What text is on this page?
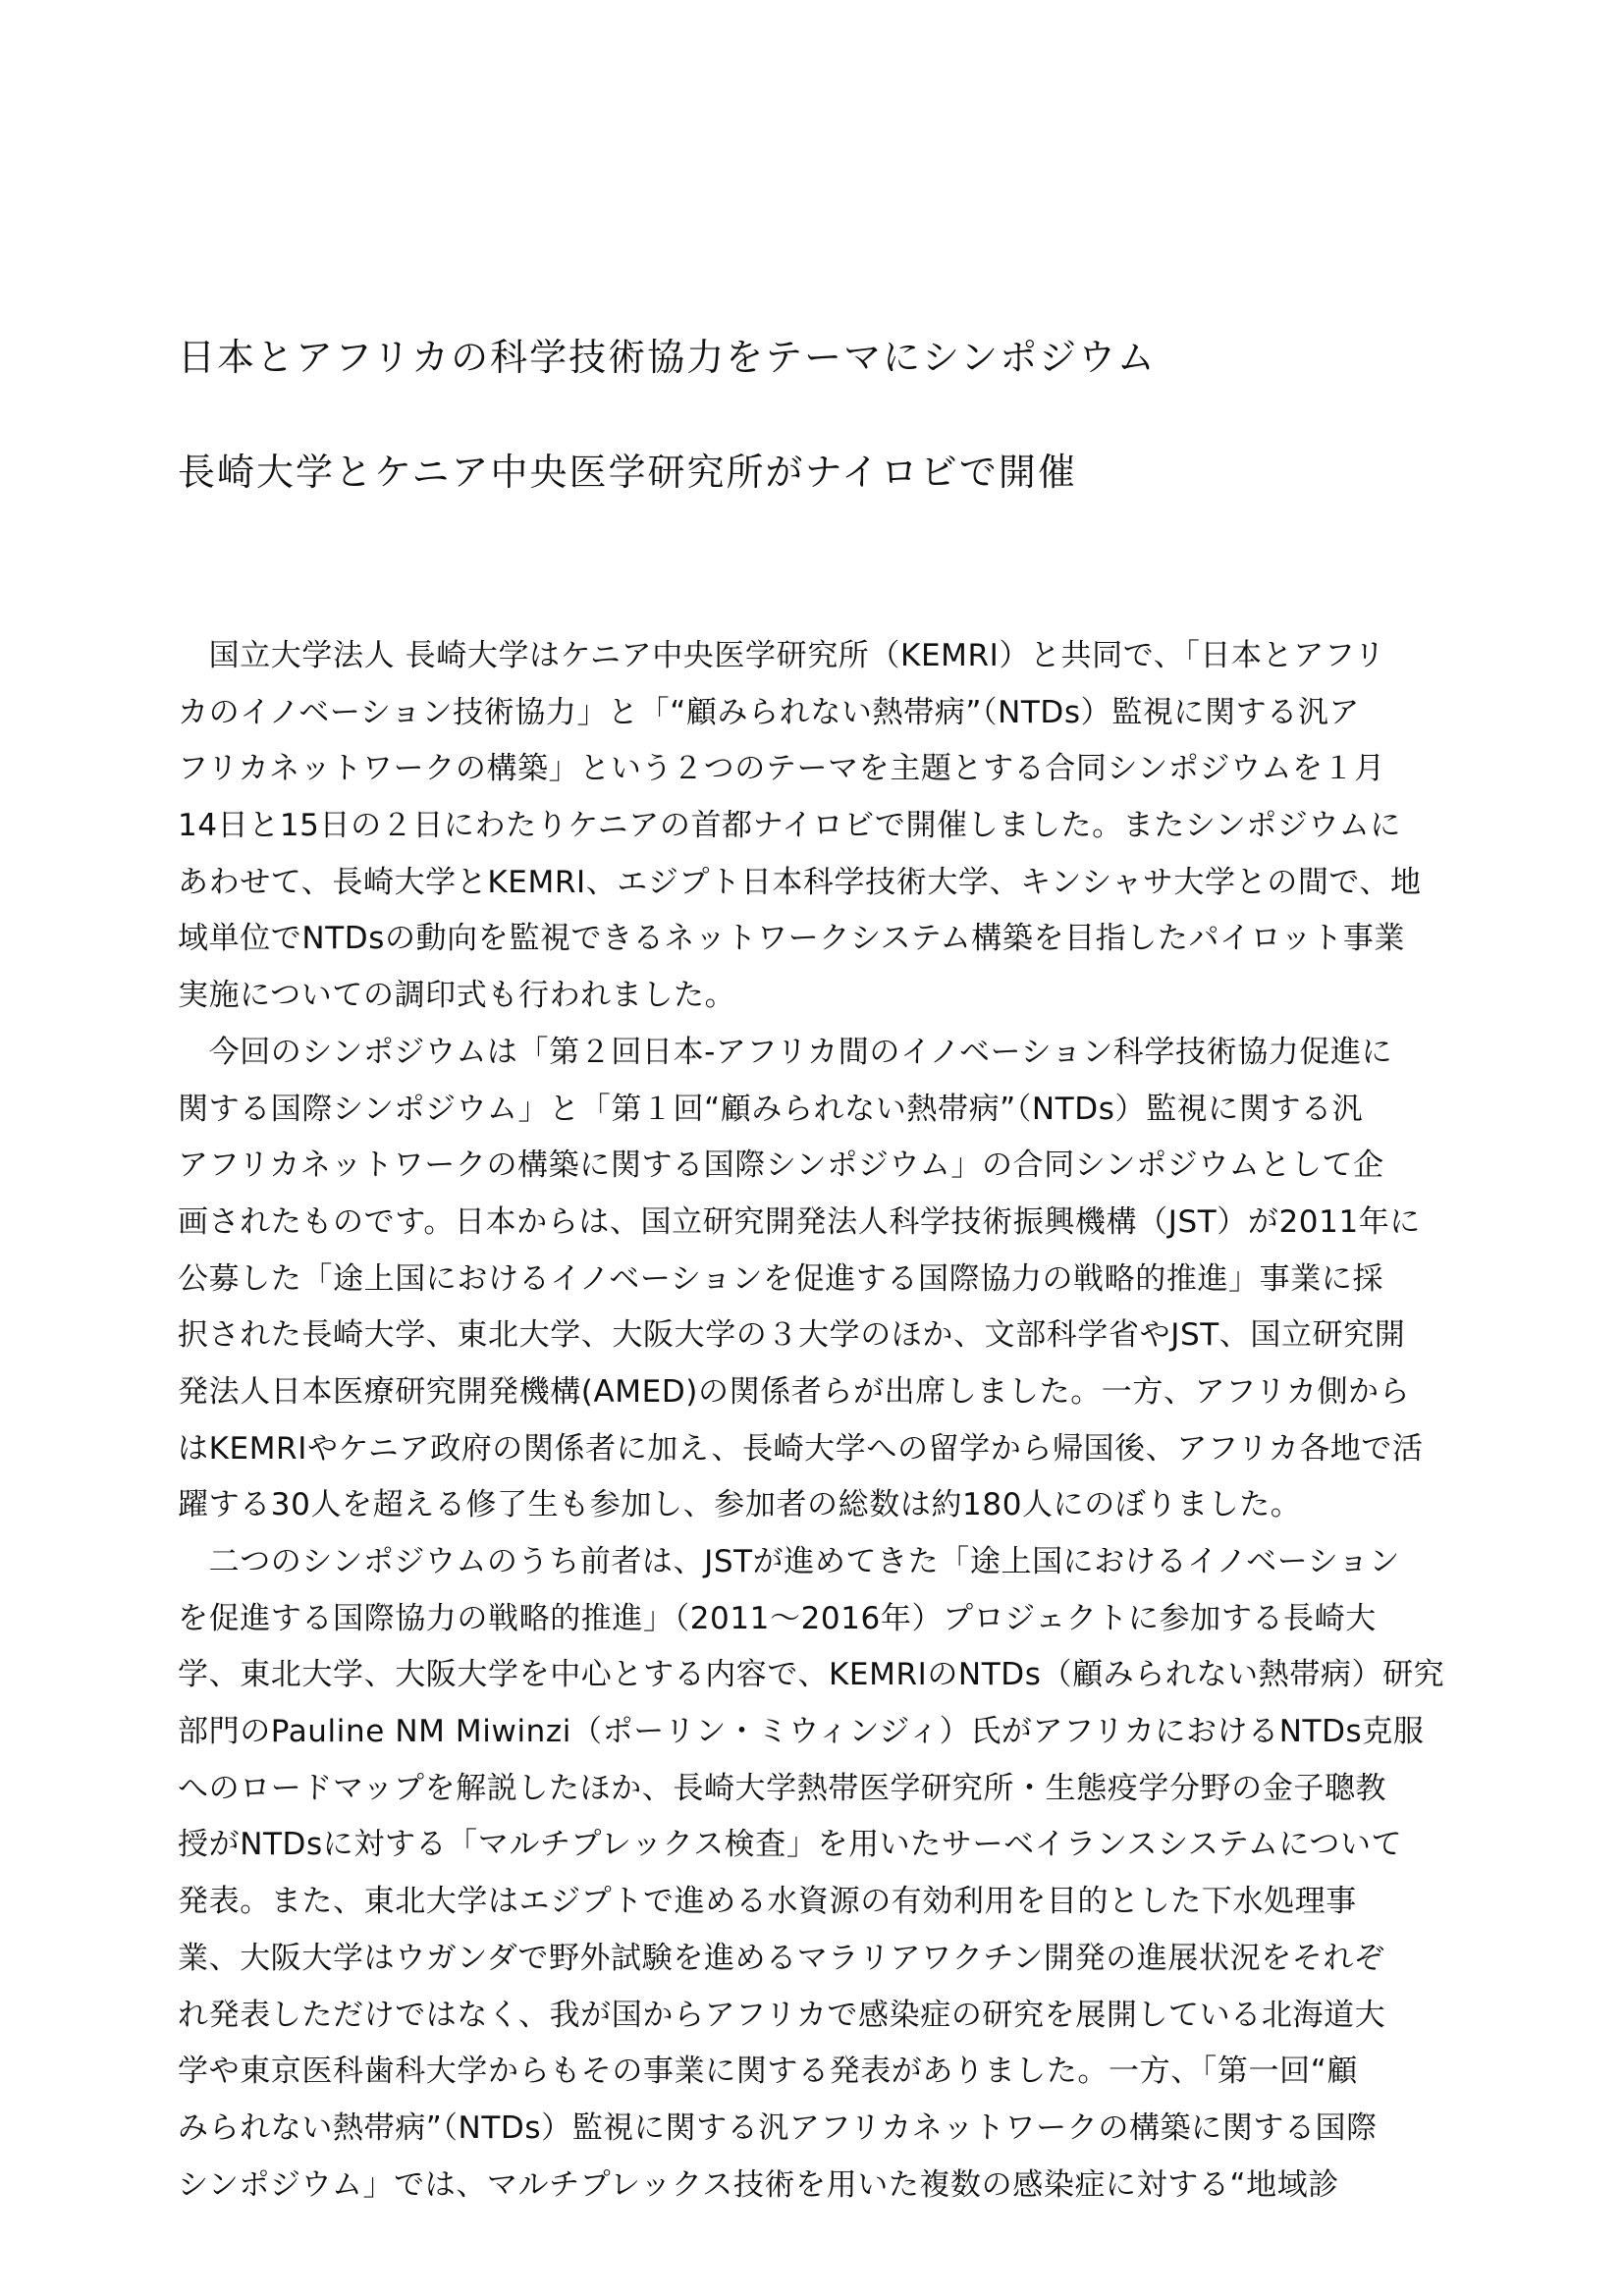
日本とアフリカの科学技術協力をテーマにシンポジウム
長崎大学とケニア中央医学研究所がナイロビで開催
　国立大学法人 長崎大学はケニア中央医学研究所（KEMRI）と共同で、「日本とアフリ
カのイノベーション技術協力」と「“顧みられない熱帯病”（NTDs）監視に関する汎ア
フリカネットワークの構築」という２つのテーマを主題とする合同シンポジウムを１月
14日と15日の２日にわたりケニアの首都ナイロビで開催しました。またシンポジウムに
あわせて、長崎大学とKEMRI、エジプト日本科学技術大学、キンシャサ大学との間で、地
域単位でNTDsの動向を監視できるネットワークシステム構築を目指したパイロット事業
実施についての調印式も行われました。
　今回のシンポジウムは「第２回日本-アフリカ間のイノベーション科学技術協力促進に
関する国際シンポジウム」と「第１回“顧みられない熱帯病”（NTDs）監視に関する汎
アフリカネットワークの構築に関する国際シンポジウム」の合同シンポジウムとして企
画されたものです。日本からは、国立研究開発法人科学技術振興機構（JST）が2011年に
公募した「途上国におけるイノベーションを促進する国際協力の戦略的推進」事業に採
択された長崎大学、東北大学、大阪大学の３大学のほか、文部科学省やJST、国立研究開
発法人日本医療研究開発機構(AMED)の関係者らが出席しました。一方、アフリカ側から
はKEMRIやケニア政府の関係者に加え、長崎大学への留学から帰国後、アフリカ各地で活
躍する30人を超える修了生も参加し、参加者の総数は約180人にのぼりました。
　二つのシンポジウムのうち前者は、JSTが進めてきた「途上国におけるイノベーション
を促進する国際協力の戦略的推進」（2011～2016年）プロジェクトに参加する長崎大
学、東北大学、大阪大学を中心とする内容で、KEMRIのNTDs（顧みられない熱帯病）研究
部門のPauline NM Miwinzi（ポーリン・ミウィンジィ）氏がアフリカにおけるNTDs克服
へのロードマップを解説したほか、長崎大学熱帯医学研究所・生態疫学分野の金子聰教
授がNTDsに対する「マルチプレックス検査」を用いたサーベイランスシステムについて
発表。また、東北大学はエジプトで進める水資源の有効利用を目的とした下水処理事
業、大阪大学はウガンダで野外試験を進めるマラリアワクチン開発の進展状況をそれぞ
れ発表しただけではなく、我が国からアフリカで感染症の研究を展開している北海道大
学や東京医科歯科大学からもその事業に関する発表がありました。一方、「第一回“顧
みられない熱帯病”（NTDs）監視に関する汎アフリカネットワークの構築に関する国際
シンポジウム」では、マルチプレックス技術を用いた複数の感染症に対する“地域診
